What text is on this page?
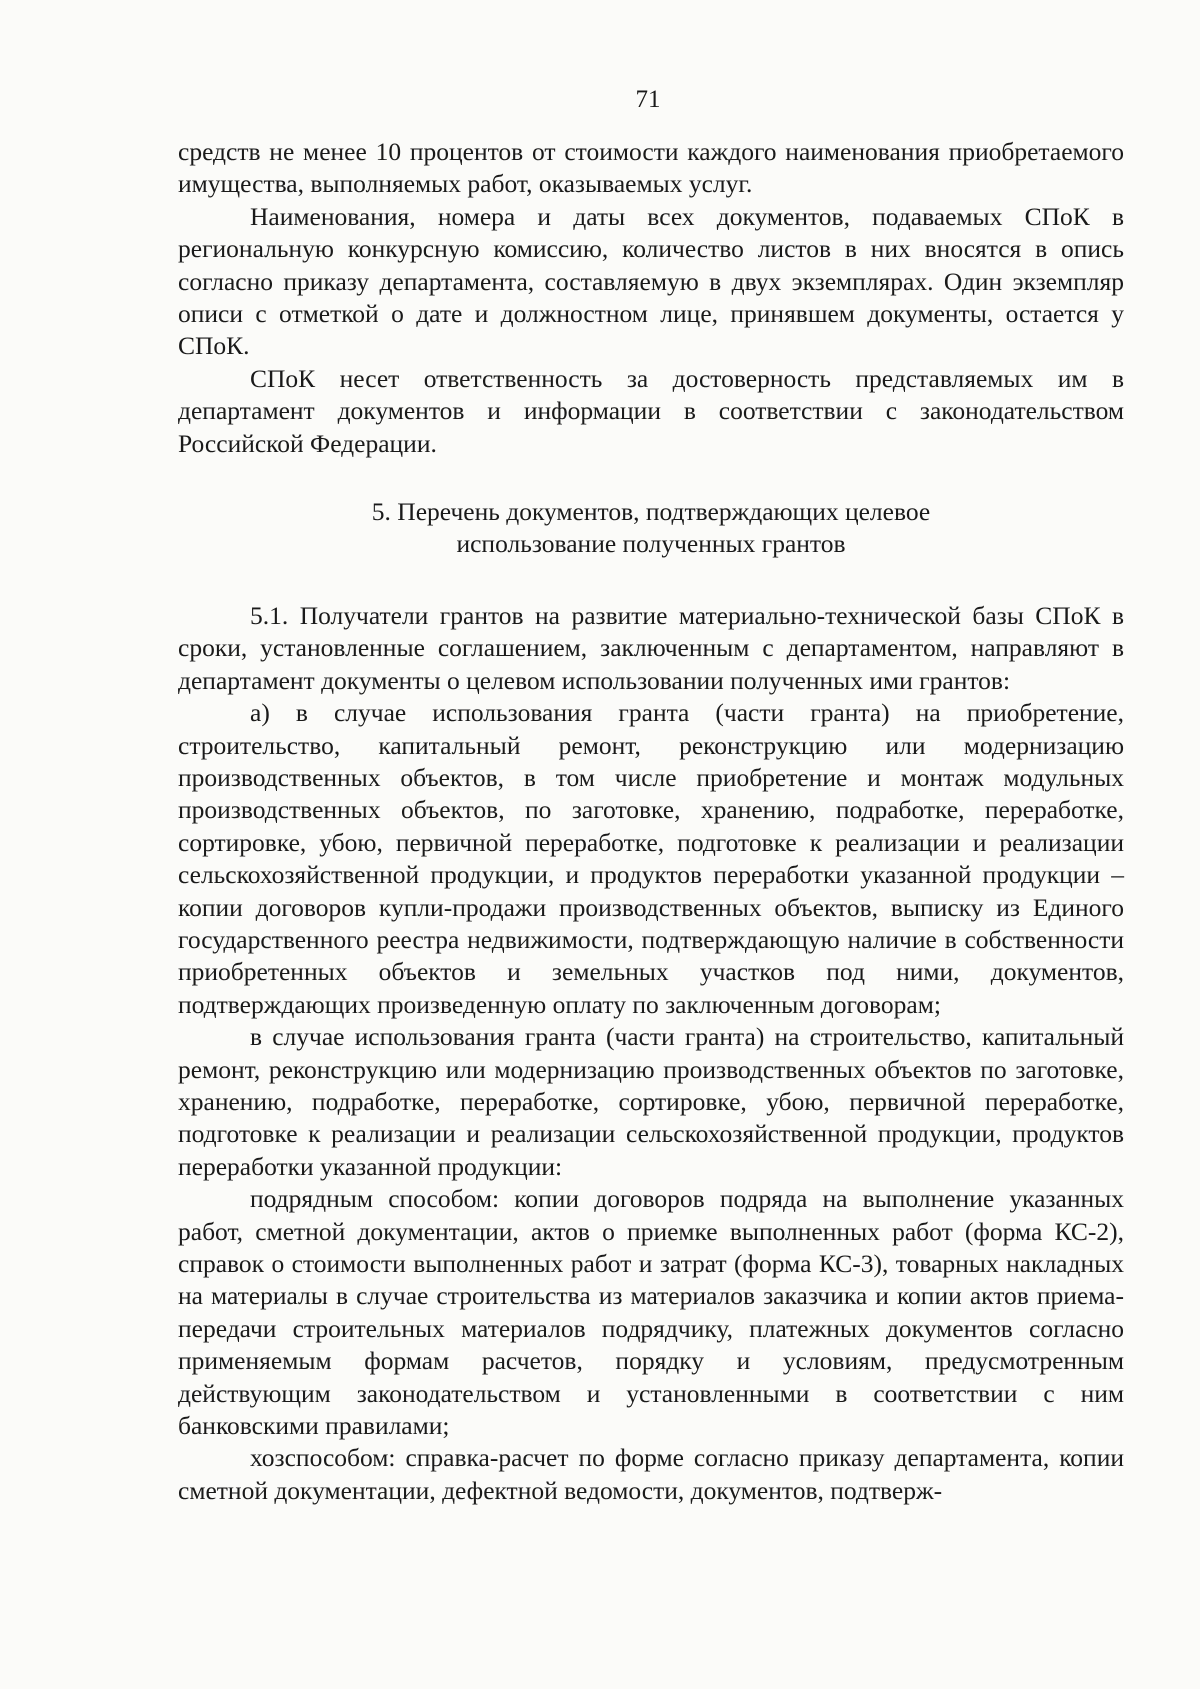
71

средств не менее 10 процентов от стоимости каждого наименования приобретаемого имущества, выполняемых работ, оказываемых услуг.

Наименования, номера и даты всех документов, подаваемых СПоК в региональную конкурсную комиссию, количество листов в них вносятся в опись согласно приказу департамента, составляемую в двух экземплярах. Один экземпляр описи с отметкой о дате и должностном лице, принявшем документы, остается у СПоК.

СПоК несет ответственность за достоверность представляемых им в департамент документов и информации в соответствии с законодательством Российской Федерации.

5. Перечень документов, подтверждающих целевое
использование полученных грантов

5.1. Получатели грантов на развитие материально-технической базы СПоК в сроки, установленные соглашением, заключенным с департаментом, направляют в департамент документы о целевом использовании полученных ими грантов:

а) в случае использования гранта (части гранта) на приобретение, строительство, капитальный ремонт, реконструкцию или модернизацию производственных объектов, в том числе приобретение и монтаж модульных производственных объектов, по заготовке, хранению, подработке, переработке, сортировке, убою, первичной переработке, подготовке к реализации и реализации сельскохозяйственной продукции, и продуктов переработки указанной продукции – копии договоров купли-продажи производственных объектов, выписку из Единого государственного реестра недвижимости, подтверждающую наличие в собственности приобретенных объектов и земельных участков под ними, документов, подтверждающих произведенную оплату по заключенным договорам;

в случае использования гранта (части гранта) на строительство, капитальный ремонт, реконструкцию или модернизацию производственных объектов по заготовке, хранению, подработке, переработке, сортировке, убою, первичной переработке, подготовке к реализации и реализации сельскохозяйственной продукции, продуктов переработки указанной продукции:

подрядным способом: копии договоров подряда на выполнение указанных работ, сметной документации, актов о приемке выполненных работ (форма КС-2), справок о стоимости выполненных работ и затрат (форма КС-3), товарных накладных на материалы в случае строительства из материалов заказчика и копии актов приема-передачи строительных материалов подрядчику, платежных документов согласно применяемым формам расчетов, порядку и условиям, предусмотренным действующим законодательством и установленными в соответствии с ним банковскими правилами;

хозспособом: справка-расчет по форме согласно приказу департамента, копии сметной документации, дефектной ведомости, документов, подтверж-
